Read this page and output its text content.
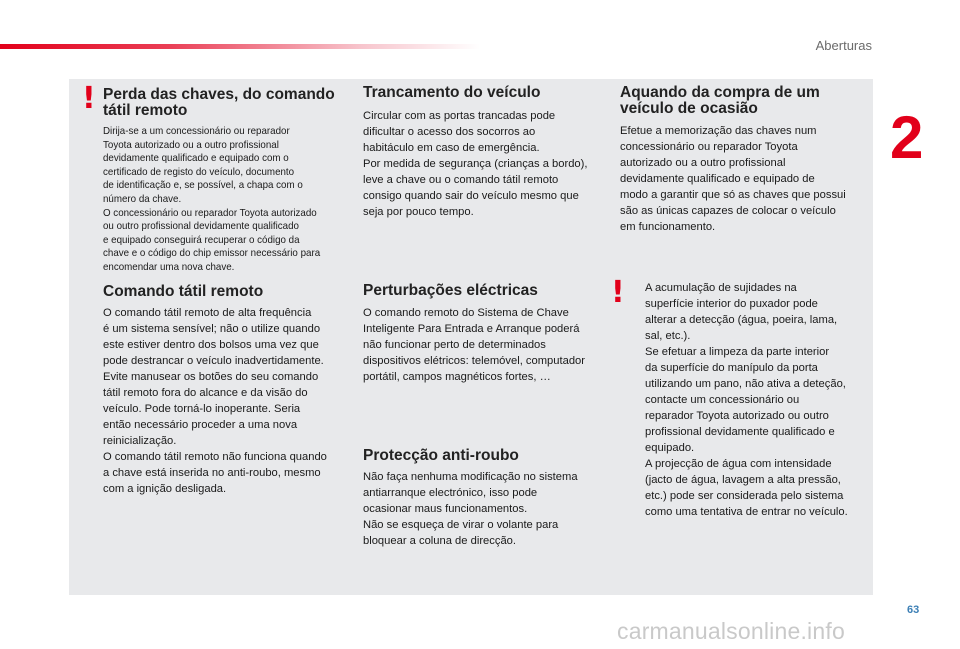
Aberturas
2
! Perda das chaves, do comando
tátil remoto

Dirija-se a um concessionário ou reparador
Toyota autorizado ou a outro profissional
devidamente qualificado e equipado com o
certificado de registo do veículo, documento
de identificação e, se possível, a chapa com o
número da chave.
O concessionário ou reparador Toyota autorizado
ou outro profissional devidamente qualificado
e equipado conseguirá recuperar o código da
chave e o código do chip emissor necessário para
encomendar uma nova chave.

Comando tátil remoto

O comando tátil remoto de alta frequência
é um sistema sensível; não o utilize quando
este estiver dentro dos bolsos uma vez que
pode destrancar o veículo inadvertidamente.
Evite manusear os botões do seu comando
tátil remoto fora do alcance e da visão do
veículo. Pode torná-lo inoperante. Seria
então necessário proceder a uma nova
reinicialização.
O comando tátil remoto não funciona quando
a chave está inserida no anti-roubo, mesmo
com a ignição desligada.

Trancamento do veículo

Circular com as portas trancadas pode
dificultar o acesso dos socorros ao
habitáculo em caso de emergência.
Por medida de segurança (crianças a bordo),
leve a chave ou o comando tátil remoto
consigo quando sair do veículo mesmo que
seja por pouco tempo.

Perturbações eléctricas

O comando remoto do Sistema de Chave
Inteligente Para Entrada e Arranque poderá
não funcionar perto de determinados
dispositivos elétricos: telemóvel, computador
portátil, campos magnéticos fortes, …

Protecção anti-roubo

Não faça nenhuma modificação no sistema
antiarranque electrónico, isso pode
ocasionar maus funcionamentos.
Não se esqueça de virar o volante para
bloquear a coluna de direcção.

Aquando da compra de um
veículo de ocasião

Efetue a memorização das chaves num
concessionário ou reparador Toyota
autorizado ou a outro profissional
devidamente qualificado e equipado de
modo a garantir que só as chaves que possui
são as únicas capazes de colocar o veículo
em funcionamento.

! A acumulação de sujidades na
superfície interior do puxador pode
alterar a detecção (água, poeira, lama,
sal, etc.).
Se efetuar a limpeza da parte interior
da superfície do manípulo da porta
utilizando um pano, não ativa a deteção,
contacte um concessionário ou
reparador Toyota autorizado ou outro
profissional devidamente qualificado e
equipado.
A projecção de água com intensidade
(jacto de água, lavagem a alta pressão,
etc.) pode ser considerada pelo sistema
como uma tentativa de entrar no veículo.

63
carmanualsonline.info
